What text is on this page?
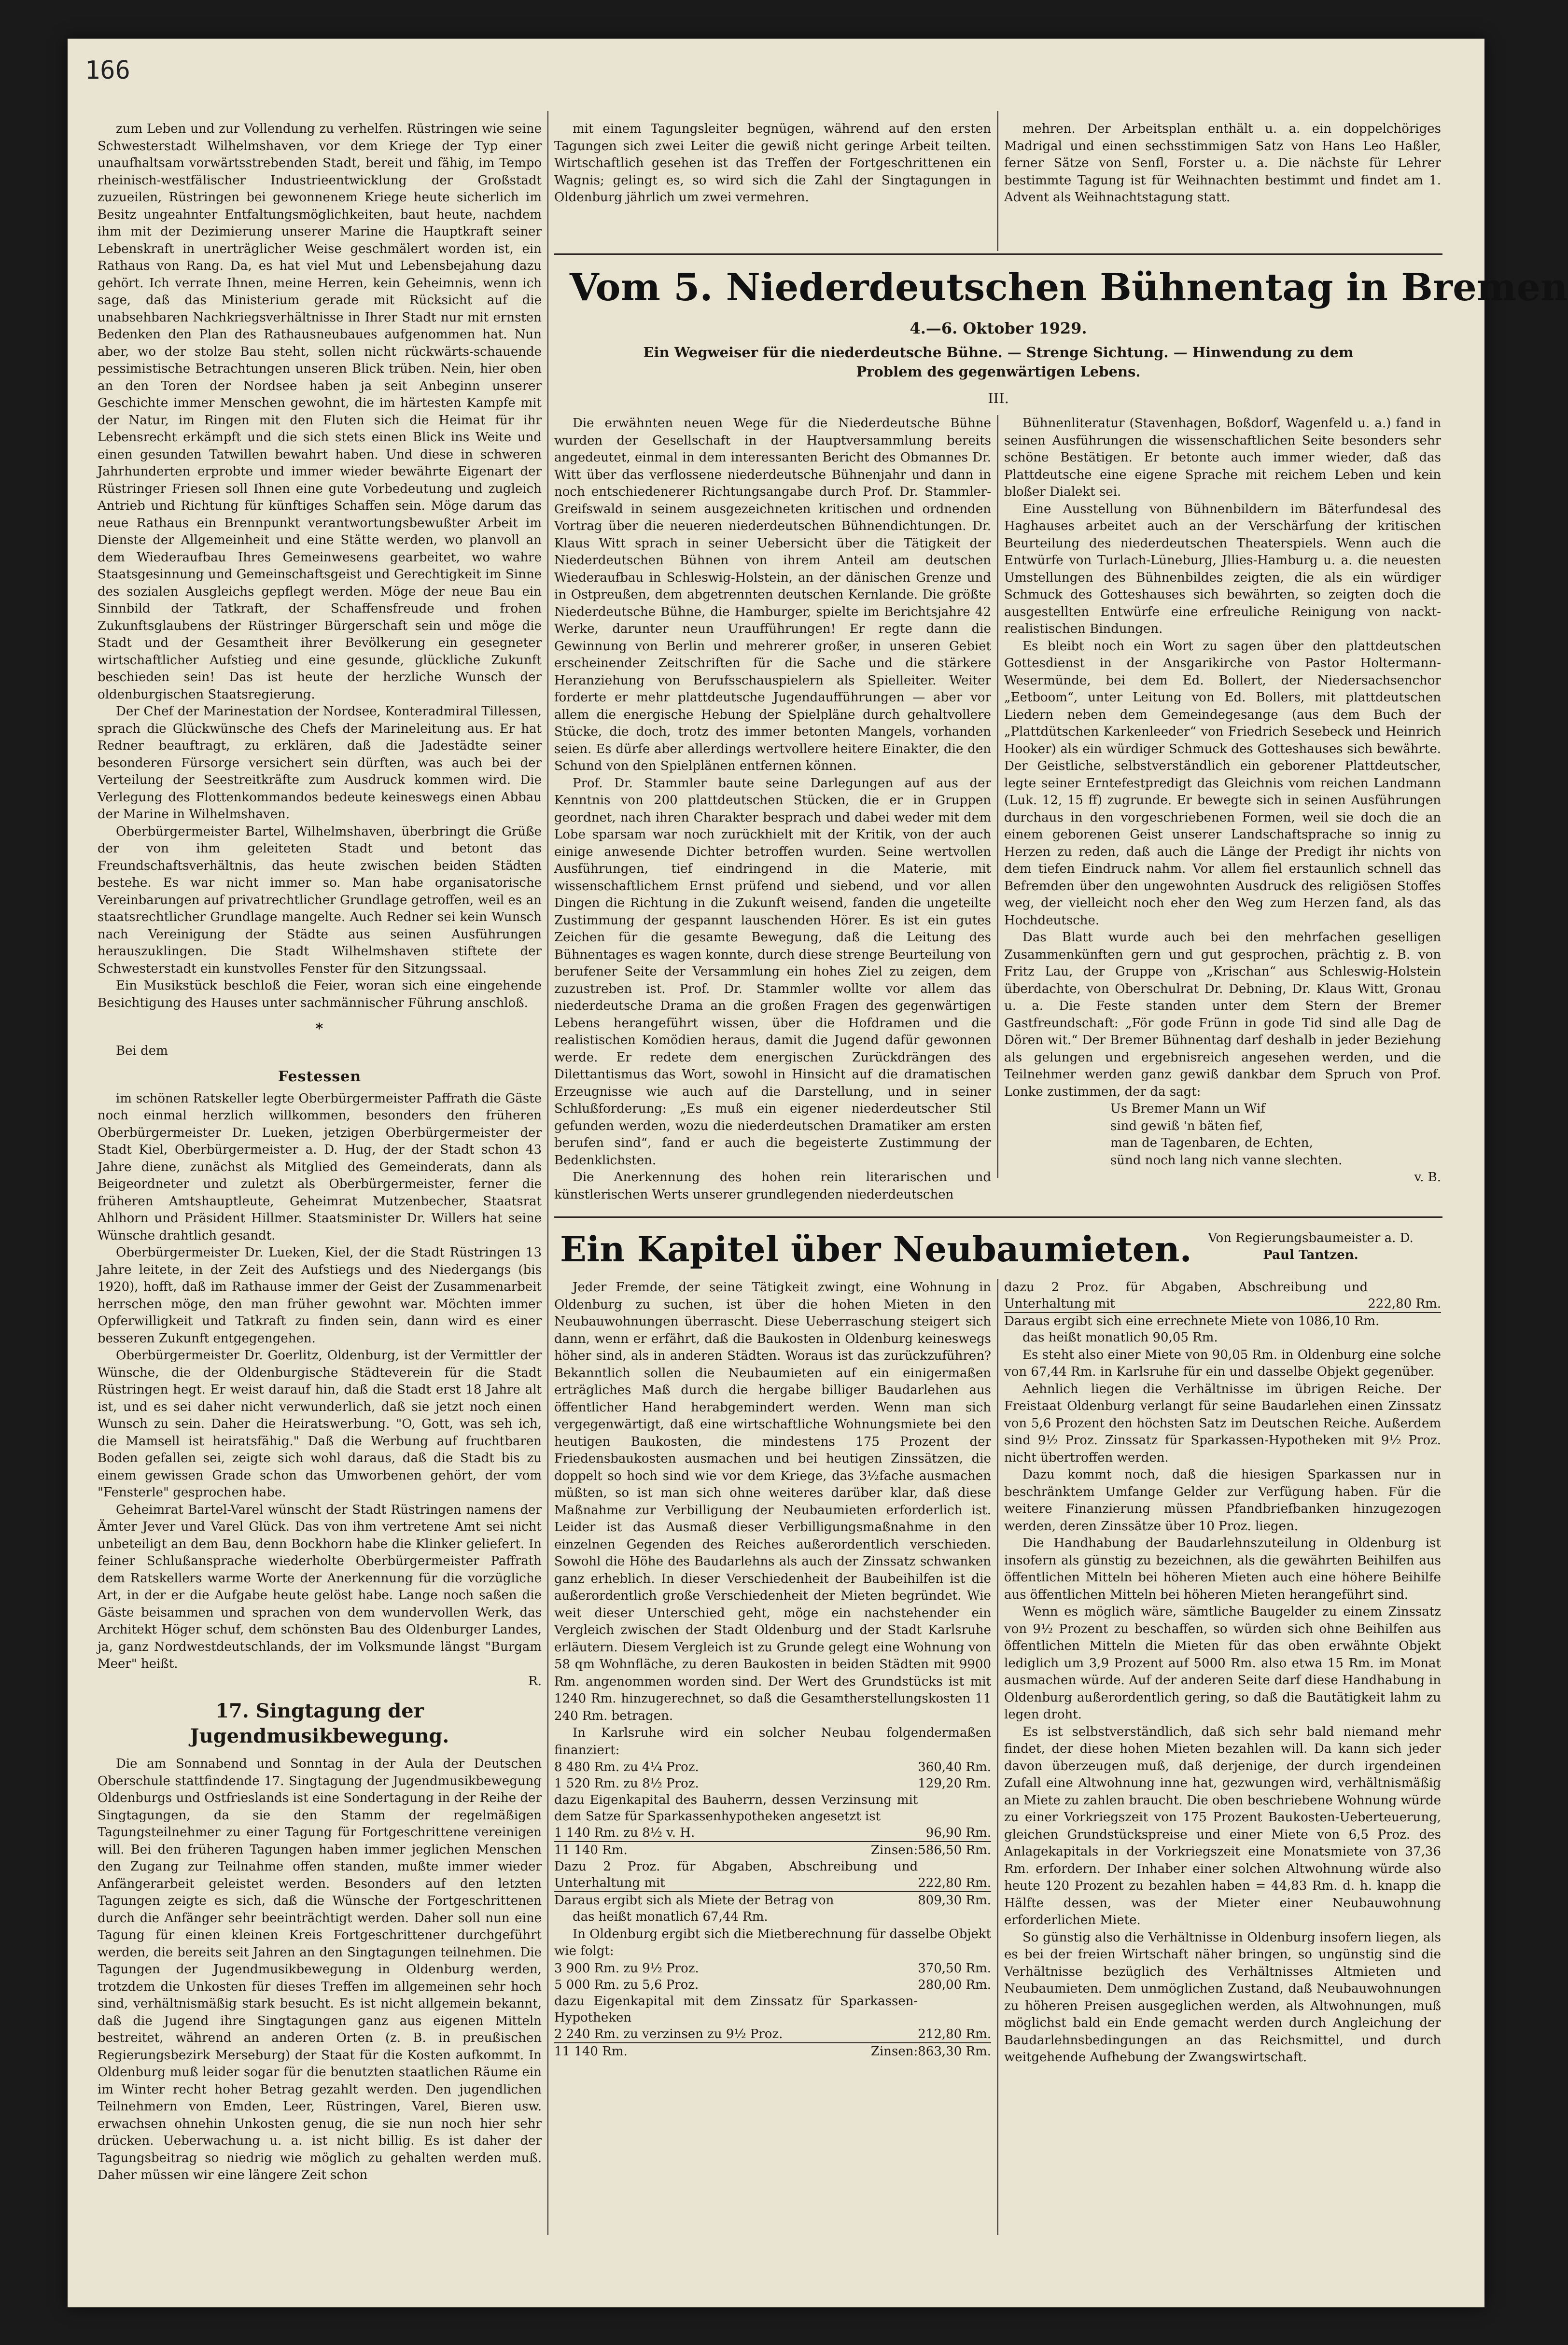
166

zum Leben und zur Vollendung zu verhelfen. Rüstringen wie seine Schwesterstadt Wilhelmshaven, vor dem Kriege der Typ einer unaufhaltsam vorwärtsstrebenden Stadt, bereit und fähig, im Tempo rheinisch-westfälischer Industrieentwicklung der Großstadt zuzueilen, Rüstringen bei gewonnenem Kriege heute sicherlich im Besitz ungeahnter Entfaltungsmöglichkeiten, baut heute, nachdem ihm mit der Dezimierung unserer Marine die Hauptkraft seiner Lebenskraft in unerträglicher Weise geschmälert worden ist, ein Rathaus von Rang. Da, es hat viel Mut und Lebensbejahung dazu gehört. Ich verrate Ihnen, meine Herren, kein Geheimnis, wenn ich sage, daß das Ministerium gerade mit Rücksicht auf die unabsehbaren Nachkriegsverhältnisse in Ihrer Stadt nur mit ernsten Bedenken den Plan des Rathausneubaues aufgenommen hat. Nun aber, wo der stolze Bau steht, sollen nicht rückwärts-schauende pessimistische Betrachtungen unseren Blick trüben. Nein, hier oben an den Toren der Nordsee haben ja seit Anbeginn unserer Geschichte immer Menschen gewohnt, die im härtesten Kampfe mit der Natur, im Ringen mit den Fluten sich die Heimat für ihr Lebensrecht erkämpft und die sich stets einen Blick ins Weite und einen gesunden Tatwillen bewahrt haben. Und diese in schweren Jahrhunderten erprobte und immer wieder bewährte Eigenart der Rüstringer Friesen soll Ihnen eine gute Vorbedeutung und zugleich Antrieb und Richtung für künftiges Schaffen sein. Möge darum das neue Rathaus ein Brennpunkt verantwortungsbewußter Arbeit im Dienste der Allgemeinheit und eine Stätte werden, wo planvoll an dem Wiederaufbau Ihres Gemeinwesens gearbeitet, wo wahre Staatsgesinnung und Gemeinschaftsgeist und Gerechtigkeit im Sinne des sozialen Ausgleichs gepflegt werden. Möge der neue Bau ein Sinnbild der Tatkraft, der Schaffensfreude und frohen Zukunftsglaubens der Rüstringer Bürgerschaft sein und möge die Stadt und der Gesamtheit ihrer Bevölkerung ein gesegneter wirtschaftlicher Aufstieg und eine gesunde, glückliche Zukunft beschieden sein! Das ist heute der herzliche Wunsch der oldenburgischen Staatsregierung.

Der Chef der Marinestation der Nordsee, Konteradmiral Tillessen, sprach die Glückwünsche des Chefs der Marineleitung aus. Er hat Redner beauftragt, zu erklären, daß die Jadestädte seiner besonderen Fürsorge versichert sein dürften, was auch bei der Verteilung der Seestreitkräfte zum Ausdruck kommen wird. Die Verlegung des Flottenkommandos bedeute keineswegs einen Abbau der Marine in Wilhelmshaven.

Oberbürgermeister Bartel, Wilhelmshaven, überbringt die Grüße der von ihm geleiteten Stadt und betont das Freundschaftsverhältnis, das heute zwischen beiden Städten bestehe. Es war nicht immer so. Man habe organisatorische Vereinbarungen auf privatrechtlicher Grundlage getroffen, weil es an staatsrechtlicher Grundlage mangelte. Auch Redner sei kein Wunsch nach Vereinigung der Städte aus seinen Ausführungen herauszuklingen. Die Stadt Wilhelmshaven stiftete der Schwesterstadt ein kunstvolles Fenster für den Sitzungssaal.

Ein Musikstück beschloß die Feier, woran sich eine eingehende Besichtigung des Hauses unter sachmännischer Führung anschloß.

*

Bei dem

Festessen

im schönen Ratskeller legte Oberbürgermeister Paffrath die Gäste noch einmal herzlich willkommen, besonders den früheren Oberbürgermeister Dr. Lueken, jetzigen Oberbürgermeister der Stadt Kiel, Oberbürgermeister a. D. Hug, der der Stadt schon 43 Jahre diene, zunächst als Mitglied des Gemeinderats, dann als Beigeordneter und zuletzt als Oberbürgermeister, ferner die früheren Amtshauptleute, Geheimrat Mutzenbecher, Staatsrat Ahlhorn und Präsident Hillmer. Staatsminister Dr. Willers hat seine Wünsche drahtlich gesandt.

Oberbürgermeister Dr. Lueken, Kiel, der die Stadt Rüstringen 13 Jahre leitete, in der Zeit des Aufstiegs und des Niedergangs (bis 1920), hofft, daß im Rathause immer der Geist der Zusammenarbeit herrschen möge, den man früher gewohnt war. Möchten immer Opferwilligkeit und Tatkraft zu finden sein, dann wird es einer besseren Zukunft entgegengehen.

Oberbürgermeister Dr. Goerlitz, Oldenburg, ist der Vermittler der Wünsche, die der Oldenburgische Städteverein für die Stadt Rüstringen hegt. Er weist darauf hin, daß die Stadt erst 18 Jahre alt ist, und es sei daher nicht verwunderlich, daß sie jetzt noch einen Wunsch zu sein. Daher die Heiratswerbung. "O, Gott, was seh ich, die Mamsell ist heiratsfähig." Daß die Werbung auf fruchtbaren Boden gefallen sei, zeigte sich wohl daraus, daß die Stadt bis zu einem gewissen Grade schon das Umworbenen gehört, der vom "Fensterle" gesprochen habe.

Geheimrat Bartel-Varel wünscht der Stadt Rüstringen namens der Ämter Jever und Varel Glück. Das von ihm vertretene Amt sei nicht unbeteiligt an dem Bau, denn Bockhorn habe die Klinker geliefert. In feiner Schlußansprache wiederholte Oberbürgermeister Paffrath dem Ratskellers warme Worte der Anerkennung für die vorzügliche Art, in der er die Aufgabe heute gelöst habe. Lange noch saßen die Gäste beisammen und sprachen von dem wundervollen Werk, das Architekt Höger schuf, dem schönsten Bau des Oldenburger Landes, ja, ganz Nordwestdeutschlands, der im Volksmunde längst "Burgam Meer" heißt.

R.

17. Singtagung der Jugendmusikbewegung.

Die am Sonnabend und Sonntag in der Aula der Deutschen Oberschule stattfindende 17. Singtagung der Jugendmusikbewegung Oldenburgs und Ostfrieslands ist eine Sondertagung in der Reihe der Singtagungen, da sie den Stamm der regelmäßigen Tagungsteilnehmer zu einer Tagung für Fortgeschrittene vereinigen will. Bei den früheren Tagungen haben immer jeglichen Menschen den Zugang zur Teilnahme offen standen, mußte immer wieder Anfängerarbeit geleistet werden. Besonders auf den letzten Tagungen zeigte es sich, daß die Wünsche der Fortgeschrittenen durch die Anfänger sehr beeinträchtigt werden. Daher soll nun eine Tagung für einen kleinen Kreis Fortgeschrittener durchgeführt werden, die bereits seit Jahren an den Singtagungen teilnehmen. Die Tagungen der Jugendmusikbewegung in Oldenburg werden, trotzdem die Unkosten für dieses Treffen im allgemeinen sehr hoch sind, verhältnismäßig stark besucht. Es ist nicht allgemein bekannt, daß die Jugend ihre Singtagungen ganz aus eigenen Mitteln bestreitet, während an anderen Orten (z. B. in preußischen Regierungsbezirk Merseburg) der Staat für die Kosten aufkommt. In Oldenburg muß leider sogar für die benutzten staatlichen Räume ein im Winter recht hoher Betrag gezahlt werden. Den jugendlichen Teilnehmern von Emden, Leer, Rüstringen, Varel, Bieren usw. erwachsen ohnehin Unkosten genug, die sie nun noch hier sehr drücken. Ueberwachung u. a. ist nicht billig. Es ist daher der Tagungsbeitrag so niedrig wie möglich zu gehalten werden muß. Daher müssen wir eine längere Zeit schon

mit einem Tagungsleiter begnügen, während auf den ersten Tagungen sich zwei Leiter die gewiß nicht geringe Arbeit teilten. Wirtschaftlich gesehen ist das Treffen der Fortgeschrittenen ein Wagnis; gelingt es, so wird sich die Zahl der Singtagungen in Oldenburg jährlich um zwei vermehren.

mehren. Der Arbeitsplan enthält u. a. ein doppelchöriges Madrigal und einen sechsstimmigen Satz von Hans Leo Haßler, ferner Sätze von Senfl, Forster u. a. Die nächste für Lehrer bestimmte Tagung ist für Weihnachten bestimmt und findet am 1. Advent als Weihnachtstagung statt.

Vom 5. Niederdeutschen Bühnentag in Bremen
4.—6. Oktober 1929.
Ein Wegweiser für die niederdeutsche Bühne. — Strenge Sichtung. — Hinwendung zu dem
Problem des gegenwärtigen Lebens.
III.

Die erwähnten neuen Wege für die Niederdeutsche Bühne wurden der Gesellschaft in der Hauptversammlung bereits angedeutet, einmal in dem interessanten Bericht des Obmannes Dr. Witt über das verflossene niederdeutsche Bühnenjahr und dann in noch entschiedenerer Richtungsangabe durch Prof. Dr. Stammler-Greifswald in seinem ausgezeichneten kritischen und ordnenden Vortrag über die neueren niederdeutschen Bühnendichtungen. Dr. Klaus Witt sprach in seiner Uebersicht über die Tätigkeit der Niederdeutschen Bühnen von ihrem Anteil am deutschen Wiederaufbau in Schleswig-Holstein, an der dänischen Grenze und in Ostpreußen, dem abgetrennten deutschen Kernlande. Die größte Niederdeutsche Bühne, die Hamburger, spielte im Berichtsjahre 42 Werke, darunter neun Uraufführungen! Er regte dann die Gewinnung von Berlin und mehrerer großer, in unseren Gebiet erscheinender Zeitschriften für die Sache und die stärkere Heranziehung von Berufsschauspielern als Spielleiter. Weiter forderte er mehr plattdeutsche Jugendaufführungen — aber vor allem die energische Hebung der Spielpläne durch gehaltvollere Stücke, die doch, trotz des immer betonten Mangels, vorhanden seien. Es dürfe aber allerdings wertvollere heitere Einakter, die den Schund von den Spielplänen entfernen können.

Prof. Dr. Stammler baute seine Darlegungen auf aus der Kenntnis von 200 plattdeutschen Stücken, die er in Gruppen geordnet, nach ihren Charakter besprach und dabei weder mit dem Lobe sparsam war noch zurückhielt mit der Kritik, von der auch einige anwesende Dichter betroffen wurden. Seine wertvollen Ausführungen, tief eindringend in die Materie, mit wissenschaftlichem Ernst prüfend und siebend, und vor allen Dingen die Richtung in die Zukunft weisend, fanden die ungeteilte Zustimmung der gespannt lauschenden Hörer. Es ist ein gutes Zeichen für die gesamte Bewegung, daß die Leitung des Bühnentages es wagen konnte, durch diese strenge Beurteilung von berufener Seite der Versammlung ein hohes Ziel zu zeigen, dem zuzustreben ist. Prof. Dr. Stammler wollte vor allem das niederdeutsche Drama an die großen Fragen des gegenwärtigen Lebens herangeführt wissen, über die Hofdramen und die realistischen Komödien heraus, damit die Jugend dafür gewonnen werde. Er redete dem energischen Zurückdrängen des Dilettantismus das Wort, sowohl in Hinsicht auf die dramatischen Erzeugnisse wie auch auf die Darstellung, und in seiner Schlußforderung: „Es muß ein eigener niederdeutscher Stil gefunden werden, wozu die niederdeutschen Dramatiker am ersten berufen sind“, fand er auch die begeisterte Zustimmung der Bedenklichsten.

Die Anerkennung des hohen rein literarischen und künstlerischen Werts unserer grundlegenden niederdeutschen

Bühnenliteratur (Stavenhagen, Boßdorf, Wagenfeld u. a.) fand in seinen Ausführungen die wissenschaftlichen Seite besonders sehr schöne Bestätigen. Er betonte auch immer wieder, daß das Plattdeutsche eine eigene Sprache mit reichem Leben und kein bloßer Dialekt sei.

Eine Ausstellung von Bühnenbildern im Bäterfundesal des Haghauses arbeitet auch an der Verschärfung der kritischen Beurteilung des niederdeutschen Theaterspiels. Wenn auch die Entwürfe von Turlach-Lüneburg, Jllies-Hamburg u. a. die neuesten Umstellungen des Bühnenbildes zeigten, die als ein würdiger Schmuck des Gotteshauses sich bewährten, so zeigten doch die ausgestellten Entwürfe eine erfreuliche Reinigung von nackt-realistischen Bindungen.

Es bleibt noch ein Wort zu sagen über den plattdeutschen Gottesdienst in der Ansgarikirche von Pastor Holtermann-Wesermünde, bei dem Ed. Bollert, der Niedersachsenchor „Eetboom“, unter Leitung von Ed. Bollers, mit plattdeutschen Liedern neben dem Gemeindegesange (aus dem Buch der „Plattdütschen Karkenleeder“ von Friedrich Sesebeck und Heinrich Hooker) als ein würdiger Schmuck des Gotteshauses sich bewährte. Der Geistliche, selbstverständlich ein geborener Plattdeutscher, legte seiner Erntefestpredigt das Gleichnis vom reichen Landmann (Luk. 12, 15 ff) zugrunde. Er bewegte sich in seinen Ausführungen durchaus in den vorgeschriebenen Formen, weil sie doch die an einem geborenen Geist unserer Landschaftsprache so innig zu Herzen zu reden, daß auch die Länge der Predigt ihr nichts von dem tiefen Eindruck nahm. Vor allem fiel erstaunlich schnell das Befremden über den ungewohnten Ausdruck des religiösen Stoffes weg, der vielleicht noch eher den Weg zum Herzen fand, als das Hochdeutsche.

Das Blatt wurde auch bei den mehrfachen geselligen Zusammenkünften gern und gut gesprochen, prächtig z. B. von Fritz Lau, der Gruppe von „Krischan“ aus Schleswig-Holstein überdachte, von Oberschulrat Dr. Debning, Dr. Klaus Witt, Gronau u. a. Die Feste standen unter dem Stern der Bremer Gastfreundschaft: „För gode Frünn in gode Tid sind alle Dag de Dören wit.“ Der Bremer Bühnentag darf deshalb in jeder Beziehung als gelungen und ergebnisreich angesehen werden, und die Teilnehmer werden ganz gewiß dankbar dem Spruch von Prof. Lonke zustimmen, der da sagt:

Us Bremer Mann un Wif

sind gewiß 'n bäten fief,

man de Tagenbaren, de Echten,

sünd noch lang nich vanne slechten.

v. B.

Ein Kapitel über Neubaumieten.	Von Regierungsbaumeister a. D.
Paul Tantzen.

Jeder Fremde, der seine Tätigkeit zwingt, eine Wohnung in Oldenburg zu suchen, ist über die hohen Mieten in den Neubauwohnungen überrascht. Diese Ueberraschung steigert sich dann, wenn er erfährt, daß die Baukosten in Oldenburg keineswegs höher sind, als in anderen Städten. Woraus ist das zurückzuführen? Bekanntlich sollen die Neubaumieten auf ein einigermaßen erträgliches Maß durch die hergabe billiger Baudarlehen aus öffentlicher Hand herabgemindert werden. Wenn man sich vergegenwärtigt, daß eine wirtschaftliche Wohnungsmiete bei den heutigen Baukosten, die mindestens 175 Prozent der Friedensbaukosten ausmachen und bei heutigen Zinssätzen, die doppelt so hoch sind wie vor dem Kriege, das 3½fache ausmachen müßten, so ist man sich ohne weiteres darüber klar, daß diese Maßnahme zur Verbilligung der Neubaumieten erforderlich ist. Leider ist das Ausmaß dieser Verbilligungsmaßnahme in den einzelnen Gegenden des Reiches außerordentlich verschieden. Sowohl die Höhe des Baudarlehns als auch der Zinssatz schwanken ganz erheblich. In dieser Verschiedenheit der Baubeihilfen ist die außerordentlich große Verschiedenheit der Mieten begründet. Wie weit dieser Unterschied geht, möge ein nachstehender ein Vergleich zwischen der Stadt Oldenburg und der Stadt Karlsruhe erläutern. Diesem Vergleich ist zu Grunde gelegt eine Wohnung von 58 qm Wohnfläche, zu deren Baukosten in beiden Städten mit 9900 Rm. angenommen worden sind. Der Wert des Grundstücks ist mit 1240 Rm. hinzugerechnet, so daß die Gesamtherstellungskosten 11 240 Rm. betragen.

In Karlsruhe wird ein solcher Neubau folgendermaßen finanziert:

8 480 Rm. zu 4¼ Proz.	360,40 Rm.
1 520 Rm. zu 8½ Proz.	129,20 Rm.
dazu Eigenkapital des Bauherrn, dessen Verzinsung mit dem Satze für Sparkassenhypotheken angesetzt ist	
1 140 Rm. zu 8½ v. H.	96,90 Rm.
11 140 Rm. Zinsen:	586,50 Rm.
Dazu 2 Proz. für Abgaben, Abschreibung und Unterhaltung mit	222,80 Rm.
Daraus ergibt sich als Miete der Betrag von	809,30 Rm.

das heißt monatlich 67,44 Rm.

In Oldenburg ergibt sich die Mietberechnung für dasselbe Objekt wie folgt:

3 900 Rm. zu 9½ Proz.	370,50 Rm.
5 000 Rm. zu 5,6 Proz.	280,00 Rm.
dazu Eigenkapital mit dem Zinssatz für Sparkassen-Hypotheken	
2 240 Rm. zu verzinsen zu 9½ Proz.	212,80 Rm.
11 140 Rm. Zinsen:	863,30 Rm.
dazu 2 Proz. für Abgaben, Abschreibung und Unterhaltung mit	222,80 Rm.
Daraus ergibt sich eine errechnete Miete von 1086,10 Rm.

das heißt monatlich 90,05 Rm.

Es steht also einer Miete von 90,05 Rm. in Oldenburg eine solche von 67,44 Rm. in Karlsruhe für ein und dasselbe Objekt gegenüber.

Aehnlich liegen die Verhältnisse im übrigen Reiche. Der Freistaat Oldenburg verlangt für seine Baudarlehen einen Zinssatz von 5,6 Prozent den höchsten Satz im Deutschen Reiche. Außerdem sind 9½ Proz. Zinssatz für Sparkassen-Hypotheken mit 9½ Proz. nicht übertroffen werden.

Dazu kommt noch, daß die hiesigen Sparkassen nur in beschränktem Umfange Gelder zur Verfügung haben. Für die weitere Finanzierung müssen Pfandbriefbanken hinzugezogen werden, deren Zinssätze über 10 Proz. liegen.

Die Handhabung der Baudarlehnszuteilung in Oldenburg ist insofern als günstig zu bezeichnen, als die gewährten Beihilfen aus öffentlichen Mitteln bei höheren Mieten auch eine höhere Beihilfe aus öffentlichen Mitteln bei höheren Mieten herangeführt sind.

Wenn es möglich wäre, sämtliche Baugelder zu einem Zinssatz von 9½ Prozent zu beschaffen, so würden sich ohne Beihilfen aus öffentlichen Mitteln die Mieten für das oben erwähnte Objekt lediglich um 3,9 Prozent auf 5000 Rm. also etwa 15 Rm. im Monat ausmachen würde. Auf der anderen Seite darf diese Handhabung in Oldenburg außerordentlich gering, so daß die Bautätigkeit lahm zu legen droht.

Es ist selbstverständlich, daß sich sehr bald niemand mehr findet, der diese hohen Mieten bezahlen will. Da kann sich jeder davon überzeugen muß, daß derjenige, der durch irgendeinen Zufall eine Altwohnung inne hat, gezwungen wird, verhältnismäßig an Miete zu zahlen braucht. Die oben beschriebene Wohnung würde zu einer Vorkriegszeit von 175 Prozent Baukosten-Ueberteuerung, gleichen Grundstückspreise und einer Miete von 6,5 Proz. des Anlagekapitals in der Vorkriegszeit eine Monatsmiete von 37,36 Rm. erfordern. Der Inhaber einer solchen Altwohnung würde also heute 120 Prozent zu bezahlen haben = 44,83 Rm. d. h. knapp die Hälfte dessen, was der Mieter einer Neubauwohnung erforderlichen Miete.

So günstig also die Verhältnisse in Oldenburg insofern liegen, als es bei der freien Wirtschaft näher bringen, so ungünstig sind die Verhältnisse bezüglich des Verhältnisses Altmieten und Neubaumieten. Dem unmöglichen Zustand, daß Neubauwohnungen zu höheren Preisen ausgeglichen werden, als Altwohnungen, muß möglichst bald ein Ende gemacht werden durch Angleichung der Baudarlehnsbedingungen an das Reichsmittel, und durch weitgehende Aufhebung der Zwangswirtschaft.
